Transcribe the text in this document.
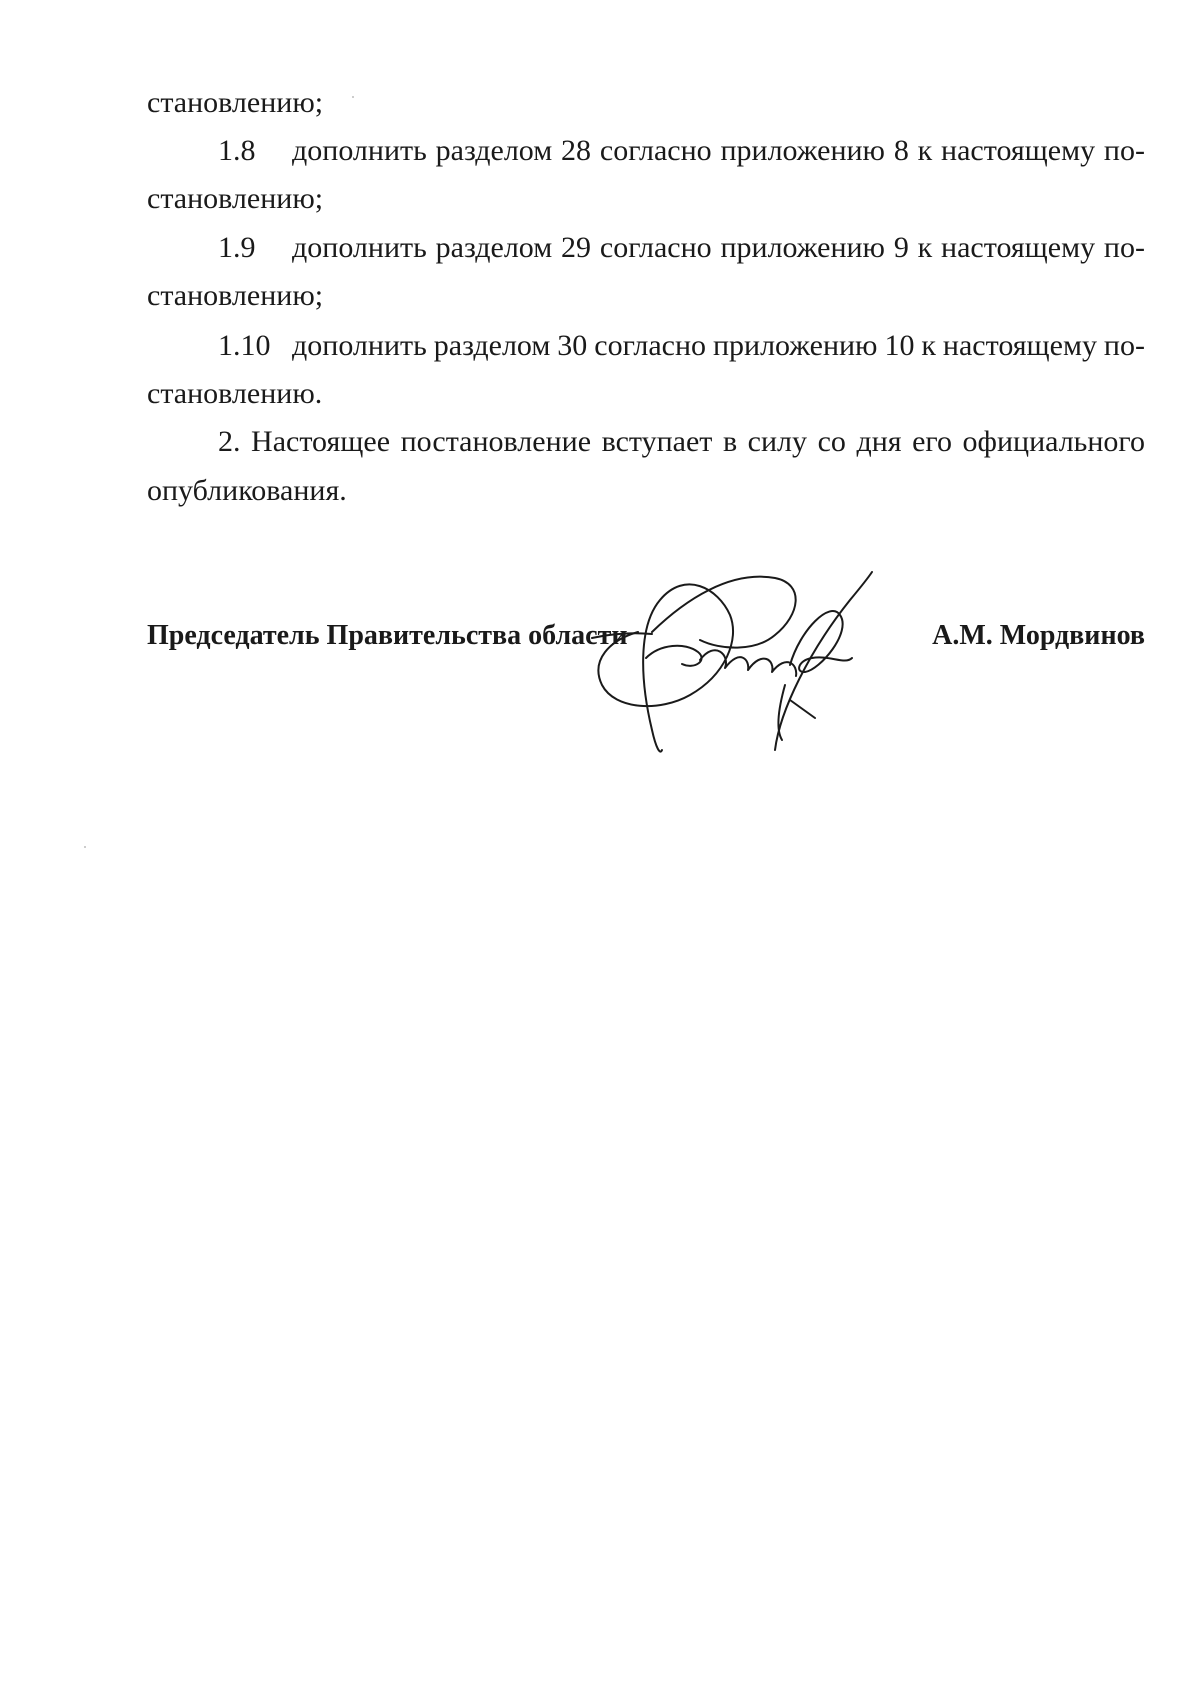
становлению;
1.8	дополнить разделом 28 согласно приложению 8 к настоящему по-
становлению;
1.9	дополнить разделом 29 согласно приложению 9 к настоящему по-
становлению;
1.10 дополнить разделом 30 согласно приложению 10 к настоящему по-
становлению.
2. Настоящее постановление вступает в силу со дня его официального
опубликования.
Председатель Правительства области	А.М. Мордвинов
